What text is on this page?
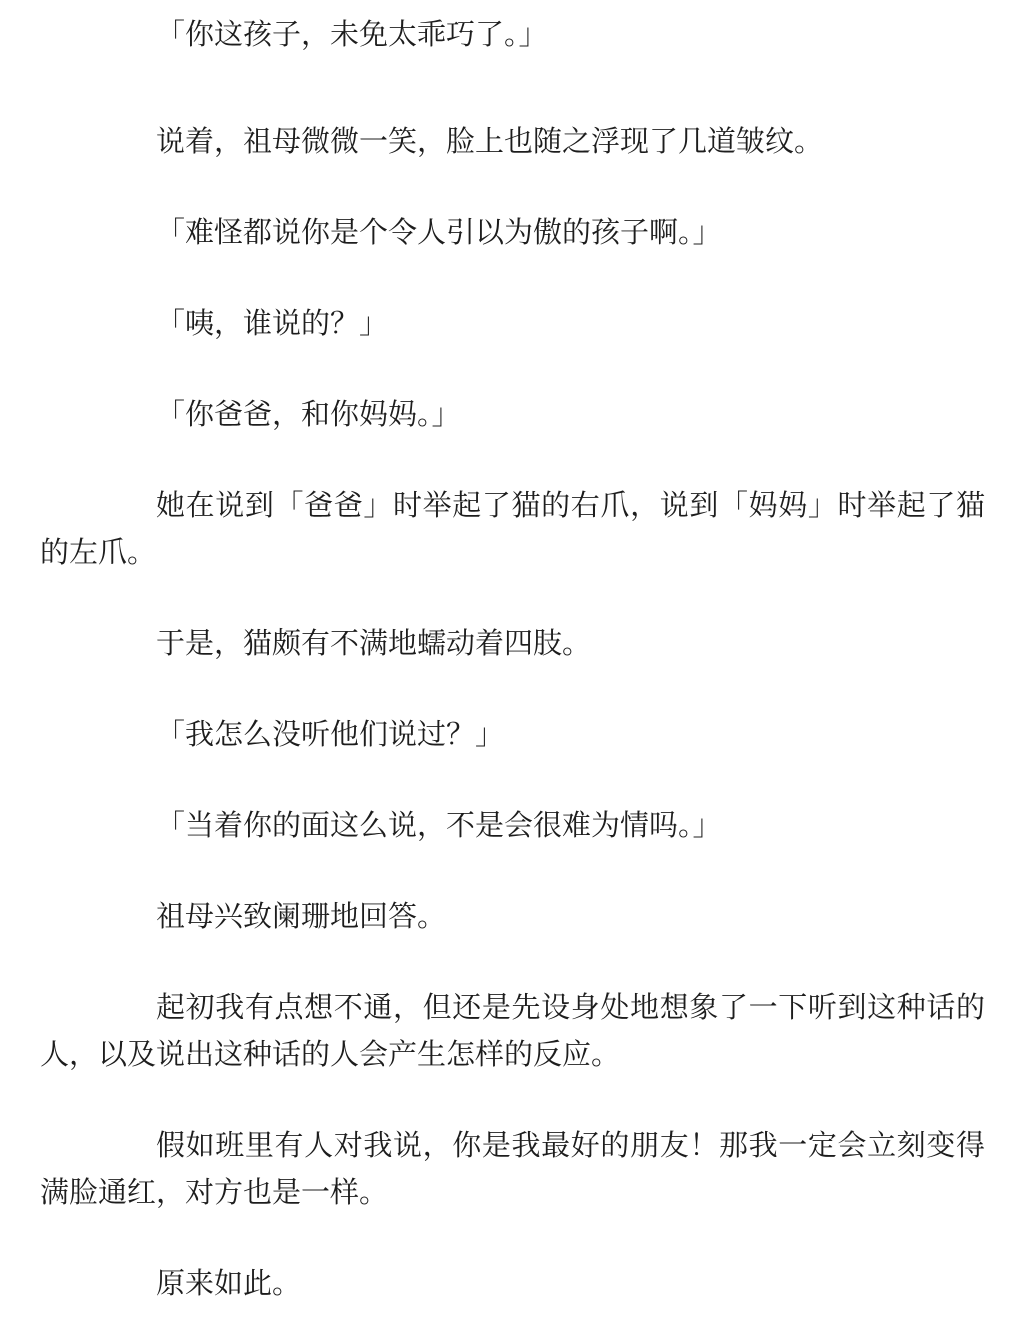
「你这孩子，未免太乖巧了。」

说着，祖母微微一笑，脸上也随之浮现了几道皱纹。

「难怪都说你是个令人引以为傲的孩子啊。」

「咦，谁说的？」

「你爸爸，和你妈妈。」

她在说到「爸爸」时举起了猫的右爪，说到「妈妈」时举起了猫的左爪。

于是，猫颇有不满地蠕动着四肢。

「我怎么没听他们说过？」

「当着你的面这么说，不是会很难为情吗。」

祖母兴致阑珊地回答。

起初我有点想不通，但还是先设身处地想象了一下听到这种话的人，以及说出这种话的人会产生怎样的反应。

假如班里有人对我说，你是我最好的朋友！那我一定会立刻变得满脸通红，对方也是一样。

原来如此。
